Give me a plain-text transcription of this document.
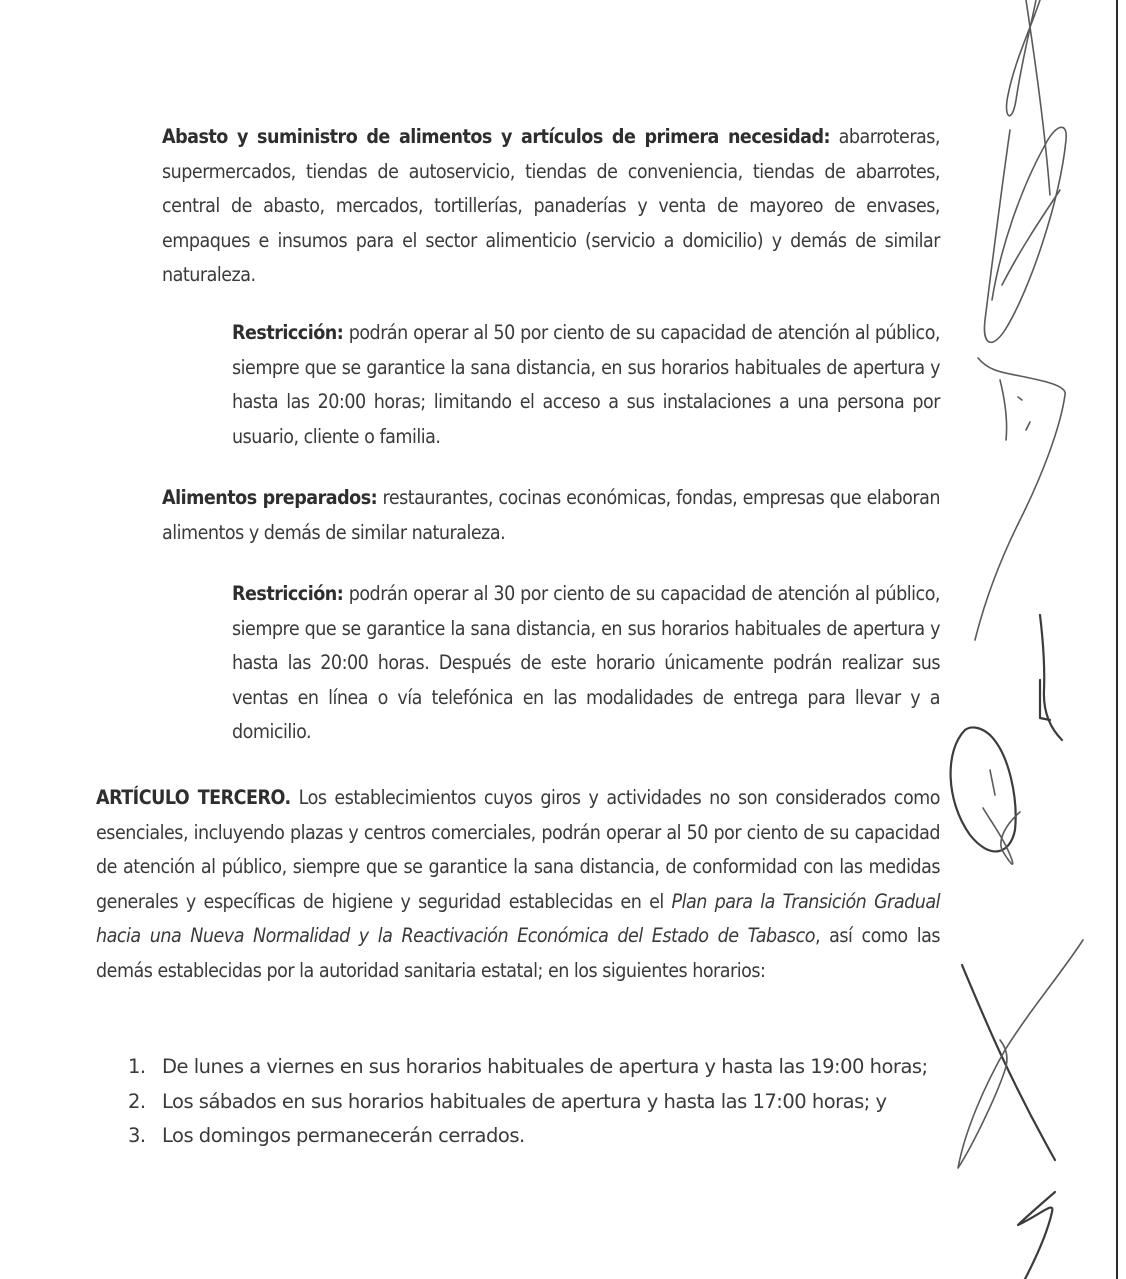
Abasto y suministro de alimentos y artículos de primera necesidad: abarroteras, supermercados, tiendas de autoservicio, tiendas de conveniencia, tiendas de abarrotes, central de abasto, mercados, tortillerías, panaderías y venta de mayoreo de envases, empaques e insumos para el sector alimenticio (servicio a domicilio) y demás de similar naturaleza.

Restricción: podrán operar al 50 por ciento de su capacidad de atención al público, siempre que se garantice la sana distancia, en sus horarios habituales de apertura y hasta las 20:00 horas; limitando el acceso a sus instalaciones a una persona por usuario, cliente o familia.

Alimentos preparados: restaurantes, cocinas económicas, fondas, empresas que elaboran alimentos y demás de similar naturaleza.

Restricción: podrán operar al 30 por ciento de su capacidad de atención al público, siempre que se garantice la sana distancia, en sus horarios habituales de apertura y hasta las 20:00 horas. Después de este horario únicamente podrán realizar sus ventas en línea o vía telefónica en las modalidades de entrega para llevar y a domicilio.

ARTÍCULO TERCERO. Los establecimientos cuyos giros y actividades no son considerados como esenciales, incluyendo plazas y centros comerciales, podrán operar al 50 por ciento de su capacidad de atención al público, siempre que se garantice la sana distancia, de conformidad con las medidas generales y específicas de higiene y seguridad establecidas en el Plan para la Transición Gradual hacia una Nueva Normalidad y la Reactivación Económica del Estado de Tabasco, así como las demás establecidas por la autoridad sanitaria estatal; en los siguientes horarios:

1. De lunes a viernes en sus horarios habituales de apertura y hasta las 19:00 horas;
2. Los sábados en sus horarios habituales de apertura y hasta las 17:00 horas; y
3. Los domingos permanecerán cerrados.
